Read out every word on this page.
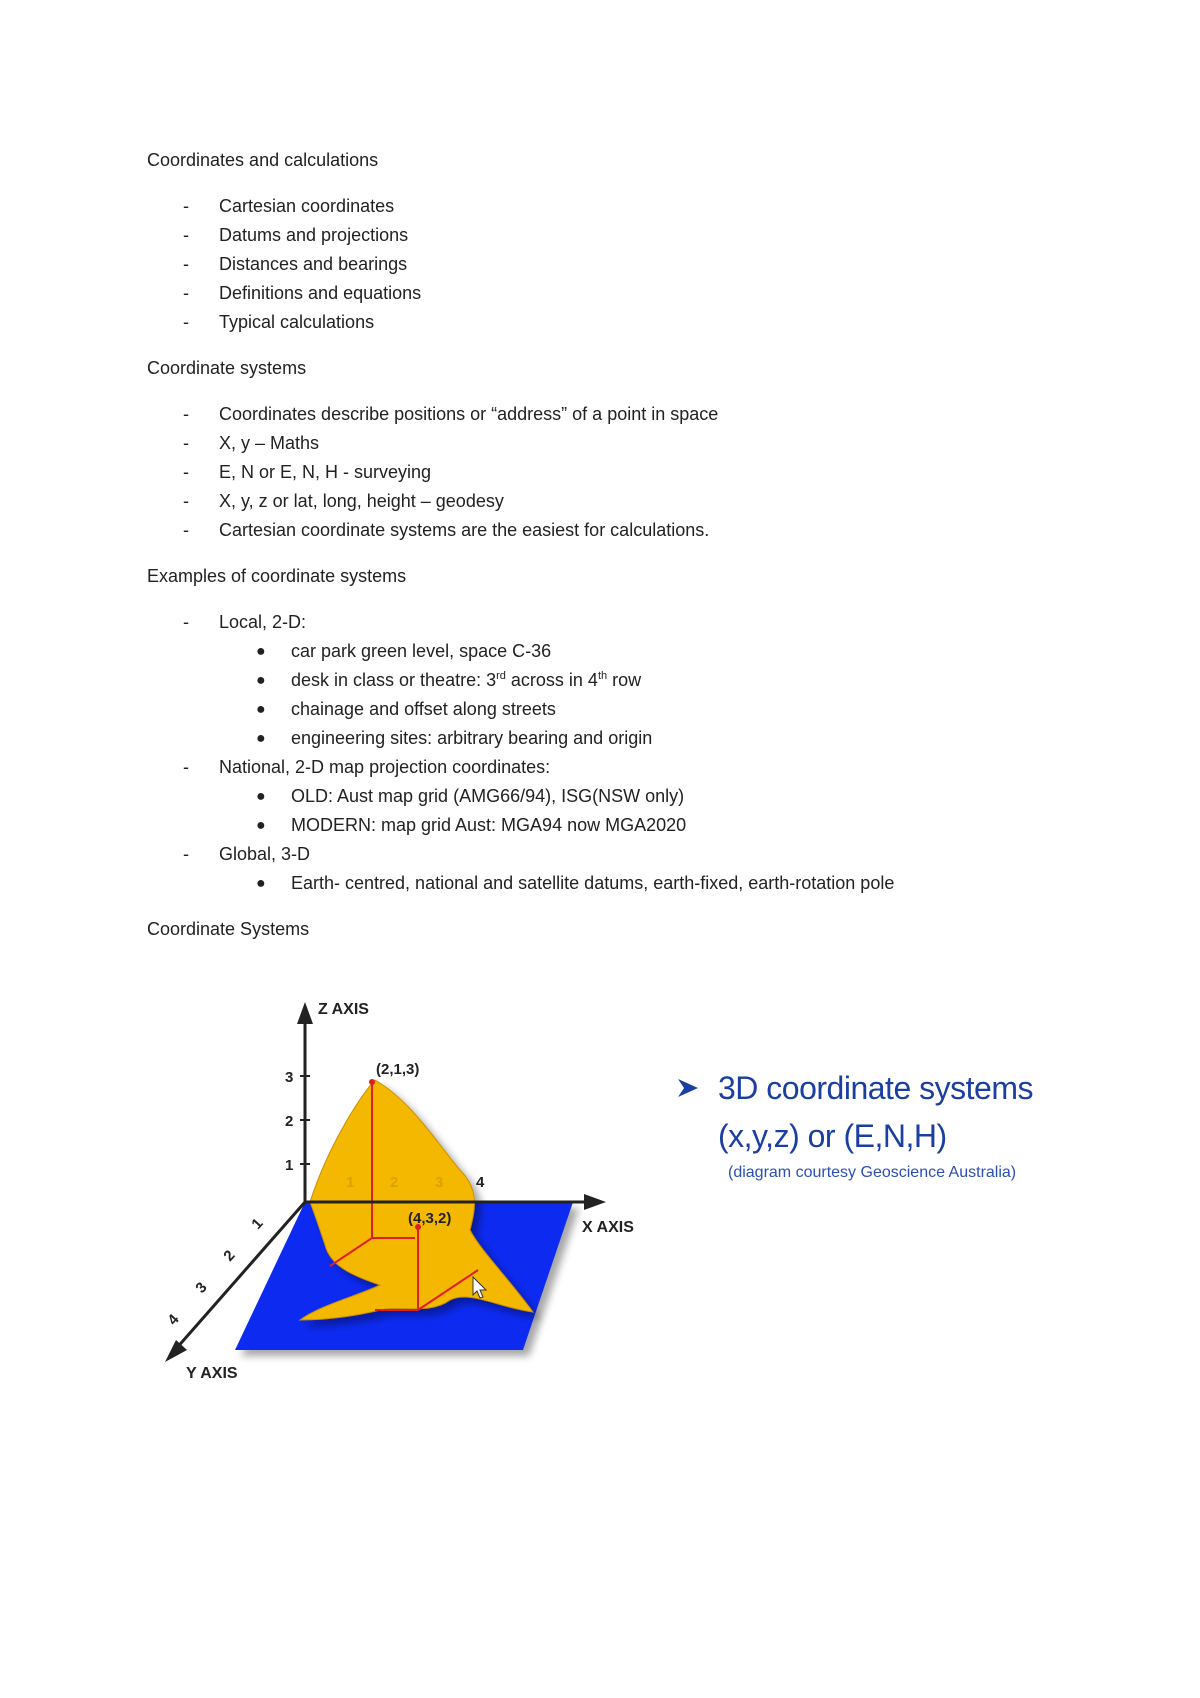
Coordinates and calculations

- Cartesian coordinates
- Datums and projections
- Distances and bearings
- Definitions and equations
- Typical calculations

Coordinate systems

- Coordinates describe positions or “address” of a point in space
- X, y – Maths
- E, N or E, N, H - surveying
- X, y, z or lat, long, height – geodesy
- Cartesian coordinate systems are the easiest for calculations.

Examples of coordinate systems

- Local, 2-D:
● car park green level, space C-36
● desk in class or theatre: 3rd across in 4th row
● chainage and offset along streets
● engineering sites: arbitrary bearing and origin
- National, 2-D map projection coordinates:
● OLD: Aust map grid (AMG66/94), ISG(NSW only)
● MODERN: map grid Aust: MGA94 now MGA2020
- Global, 3-D
● Earth- centred, national and satellite datums, earth-fixed, earth-rotation pole

Coordinate Systems

1
2
3
1 2 3 4
1
2
3
4
Z AXIS
X AXIS
Y AXIS
(2,1,3)
(4,3,2)
3D coordinate systems
(x,y,z) or (E,N,H)
(diagram courtesy Geoscience Australia)
